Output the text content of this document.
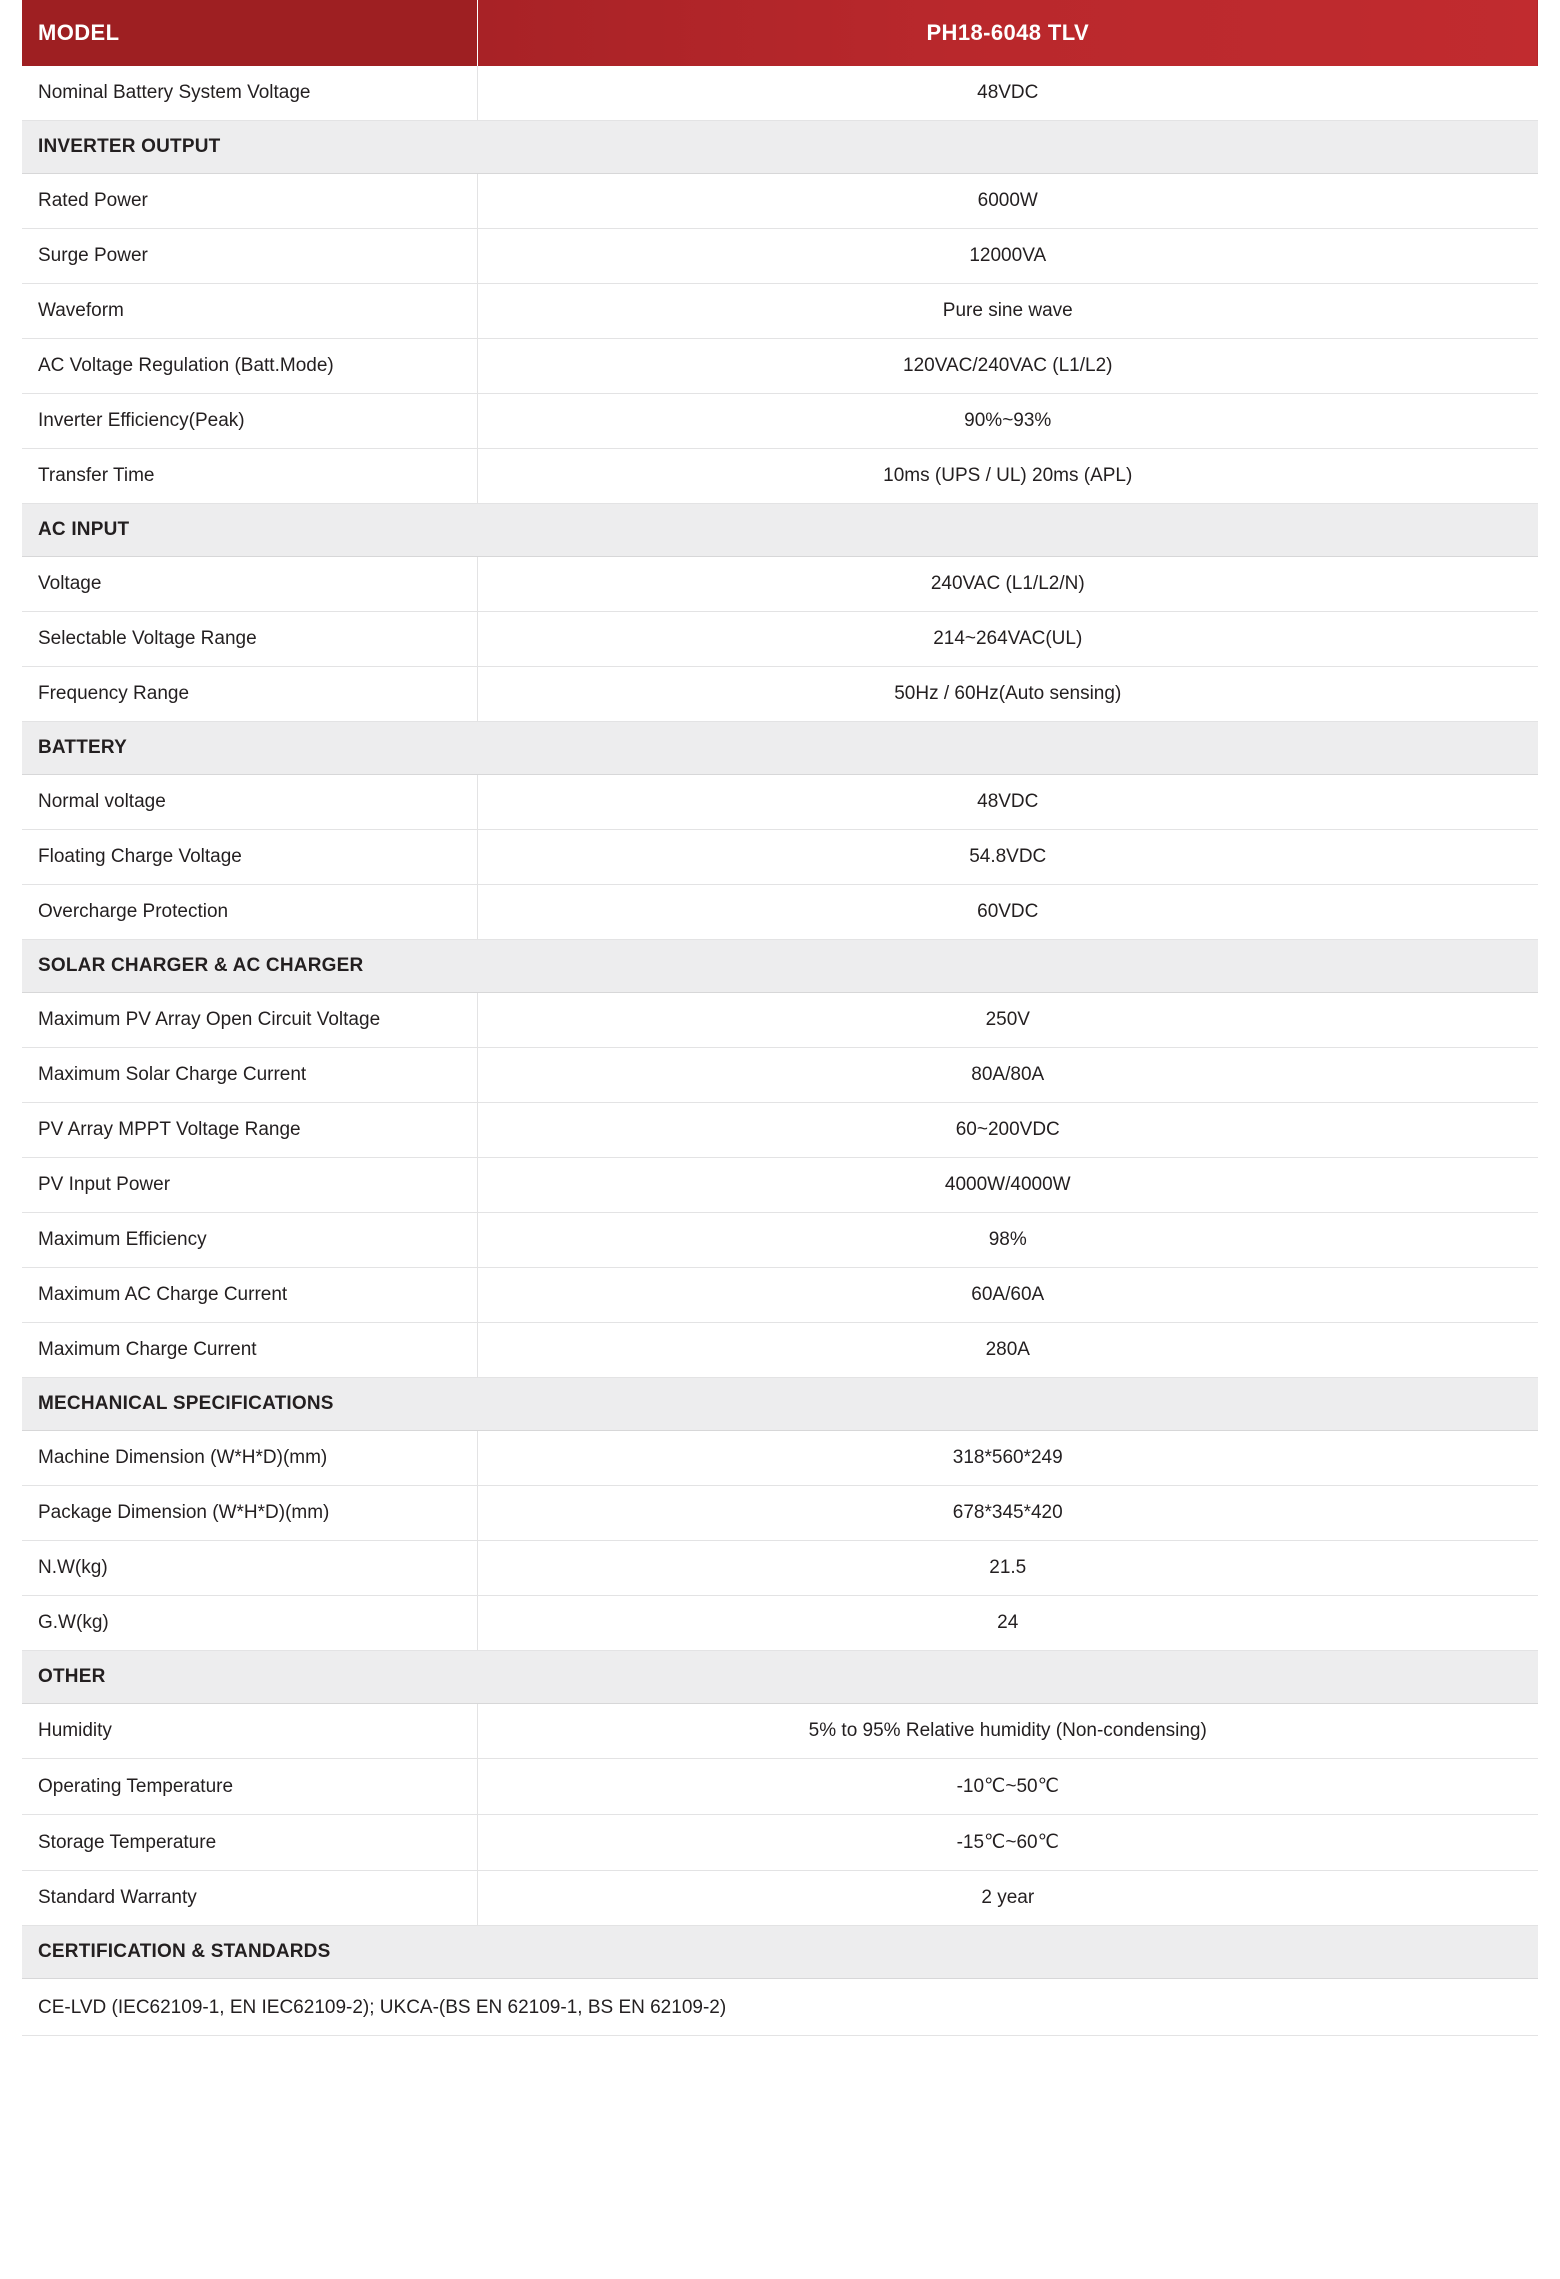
MODEL	PH18-6048 TLV
Nominal Battery System Voltage	48VDC
INVERTER OUTPUT	
Rated Power	6000W
Surge Power	12000VA
Waveform	Pure sine wave
AC Voltage Regulation (Batt.Mode)	120VAC/240VAC (L1/L2)
Inverter Efficiency(Peak)	90%~93%
Transfer Time	10ms (UPS / UL) 20ms (APL)
AC INPUT	
Voltage	240VAC (L1/L2/N)
Selectable Voltage Range	214~264VAC(UL)
Frequency Range	50Hz / 60Hz(Auto sensing)
BATTERY	
Normal voltage	48VDC
Floating Charge Voltage	54.8VDC
Overcharge Protection	60VDC
SOLAR CHARGER & AC CHARGER	
Maximum PV Array Open Circuit Voltage	250V
Maximum Solar Charge Current	80A/80A
PV Array MPPT Voltage Range	60~200VDC
PV Input Power	4000W/4000W
Maximum Efficiency	98%
Maximum AC Charge Current	60A/60A
Maximum Charge Current	280A
MECHANICAL SPECIFICATIONS	
Machine Dimension (W*H*D)(mm)	318*560*249
Package Dimension (W*H*D)(mm)	678*345*420
N.W(kg)	21.5
G.W(kg)	24
OTHER	
Humidity	5% to 95% Relative humidity (Non-condensing)
Operating Temperature	-10℃~50℃
Storage Temperature	-15℃~60℃
Standard Warranty	2 year
CERTIFICATION & STANDARDS	
CE-LVD (IEC62109-1, EN IEC62109-2); UKCA-(BS EN 62109-1, BS EN 62109-2)	
